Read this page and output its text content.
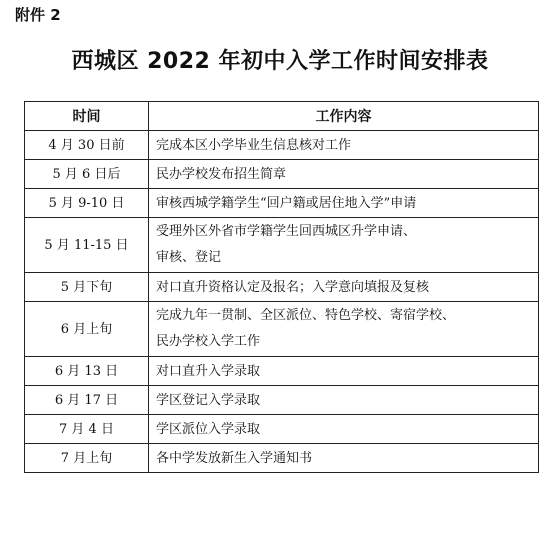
附件 2
西城区 2022 年初中入学工作时间安排表
时间	工作内容
4 月 30 日前	完成本区小学毕业生信息核对工作

5 月 6 日后	民办学校发布招生简章

5 月 9-10 日	审核西城学籍学生“回户籍或居住地入学”申请

5 月 11-15 日	受理外区外省市学籍学生回西城区升学申请、
审核、登记

5 月下旬	对口直升资格认定及报名；入学意向填报及复核

6 月上旬	完成九年一贯制、全区派位、特色学校、寄宿学校、
民办学校入学工作

6 月 13 日	对口直升入学录取

6 月 17 日	学区登记入学录取

7 月 4 日	学区派位入学录取

7 月上旬	各中学发放新生入学通知书
